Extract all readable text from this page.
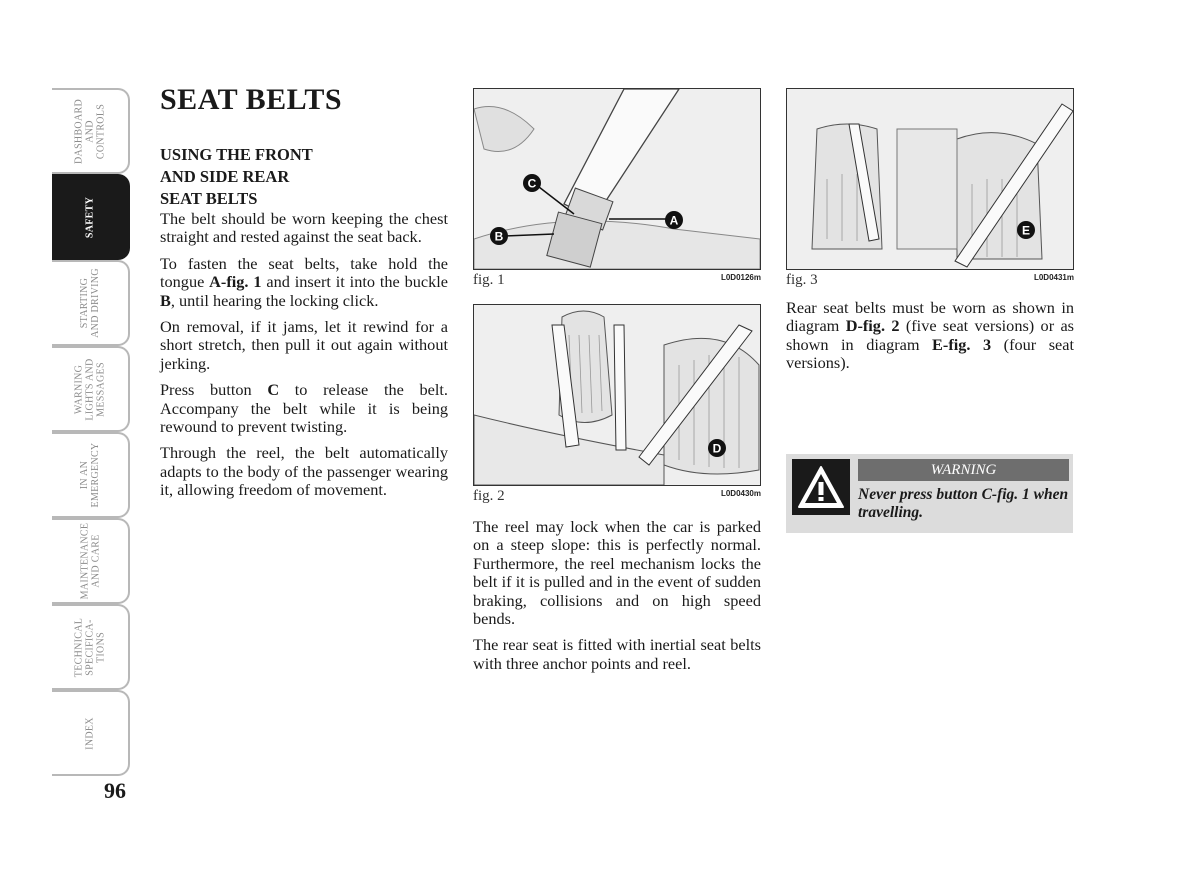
DASHBOARD
AND
CONTROLS
SAFETY
STARTING
AND DRIVING
WARNING
LIGHTS AND
MESSAGES
IN AN
EMERGENCY
MAINTENANCE
AND CARE
TECHNICAL
SPECIFICA-
TIONS
INDEX
96
SEAT BELTS
USING THE FRONT
AND SIDE REAR
SEAT BELTS

The belt should be worn keeping the chest straight and rested against the seat back.

To fasten the seat belts, take hold the tongue A-fig. 1 and insert it into the buckle B, until hearing the locking click.

On removal, if it jams, let it rewind for a short stretch, then pull it out again without jerking.

Press button C to release the belt. Accompany the belt while it is being rewound to prevent twisting.

Through the reel, the belt automatically adapts to the body of the passenger wearing it, allowing freedom of movement.

A
B
C
fig. 1	L0D0126m
D
fig. 2	L0D0430m

The reel may lock when the car is parked on a steep slope: this is perfectly normal. Furthermore, the reel mechanism locks the belt if it is pulled and in the event of sudden braking, collisions and on high speed bends.

The rear seat is fitted with inertial seat belts with three anchor points and reel.

E
fig. 3	L0D0431m

Rear seat belts must be worn as shown in diagram D-fig. 2 (five seat versions) or as shown in diagram E-fig. 3 (four seat versions).

WARNING
Never press button C-fig. 1 when travelling.
